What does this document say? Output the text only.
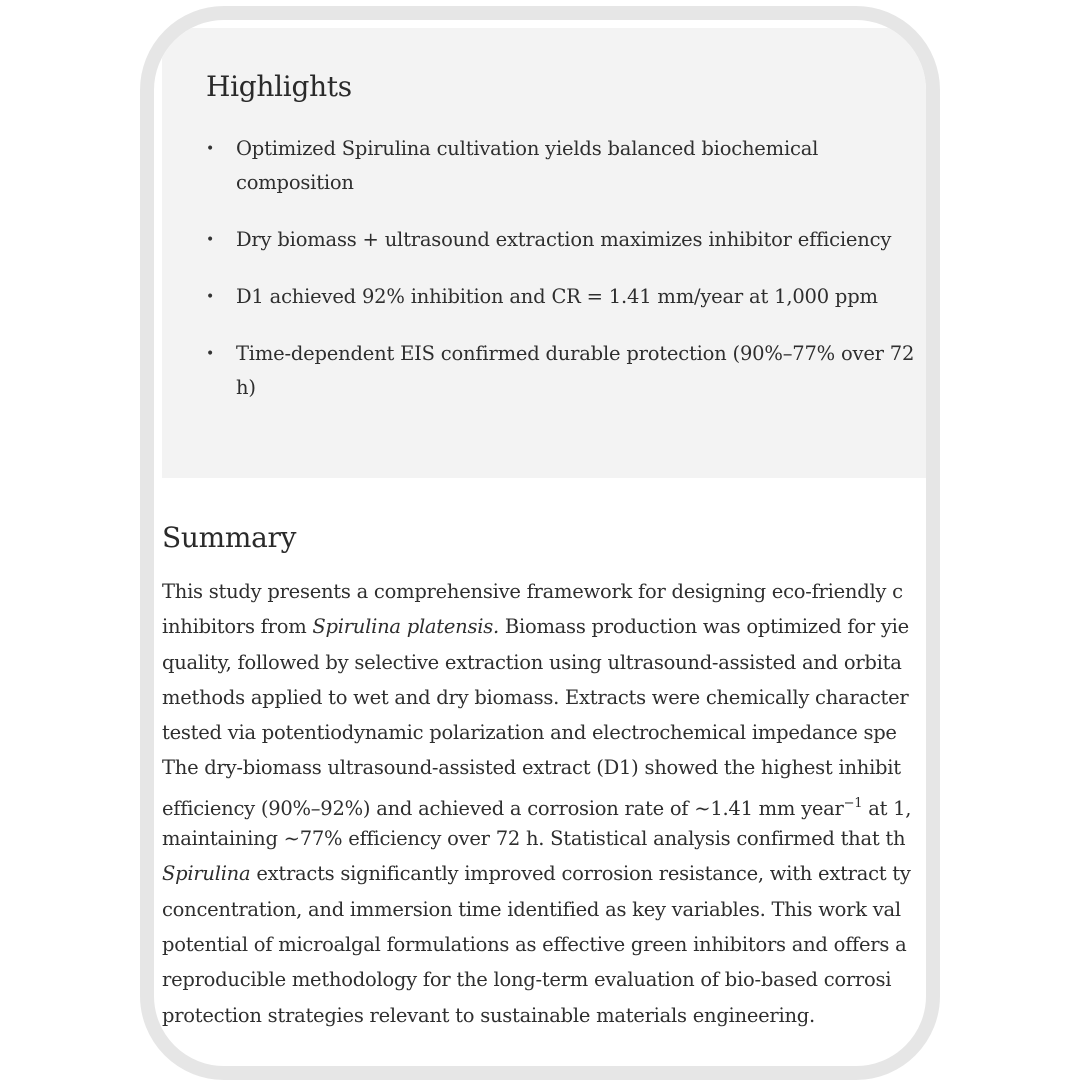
Highlights
• Optimized Spirulina cultivation yields balanced biochemical composition
• Dry biomass + ultrasound extraction maximizes inhibitor efficiency
• D1 achieved 92% inhibition and CR = 1.41 mm/year at 1,000 ppm
• Time-dependent EIS confirmed durable protection (90%–77% over 72 h)
Summary

This study presents a comprehensive framework for designing eco-friendly c
inhibitors from Spirulina platensis. Biomass production was optimized for yie
quality, followed by selective extraction using ultrasound-assisted and orbita
methods applied to wet and dry biomass. Extracts were chemically character
tested via potentiodynamic polarization and electrochemical impedance spe
The dry-biomass ultrasound-assisted extract (D1) showed the highest inhibit
efficiency (90%–92%) and achieved a corrosion rate of ∼1.41 mm year$^{-1}$ at 1,
maintaining ∼77% efficiency over 72 h. Statistical analysis confirmed that th
Spirulina extracts significantly improved corrosion resistance, with extract ty
concentration, and immersion time identified as key variables. This work val
potential of microalgal formulations as effective green inhibitors and offers a
reproducible methodology for the long-term evaluation of bio-based corrosi
protection strategies relevant to sustainable materials engineering.
